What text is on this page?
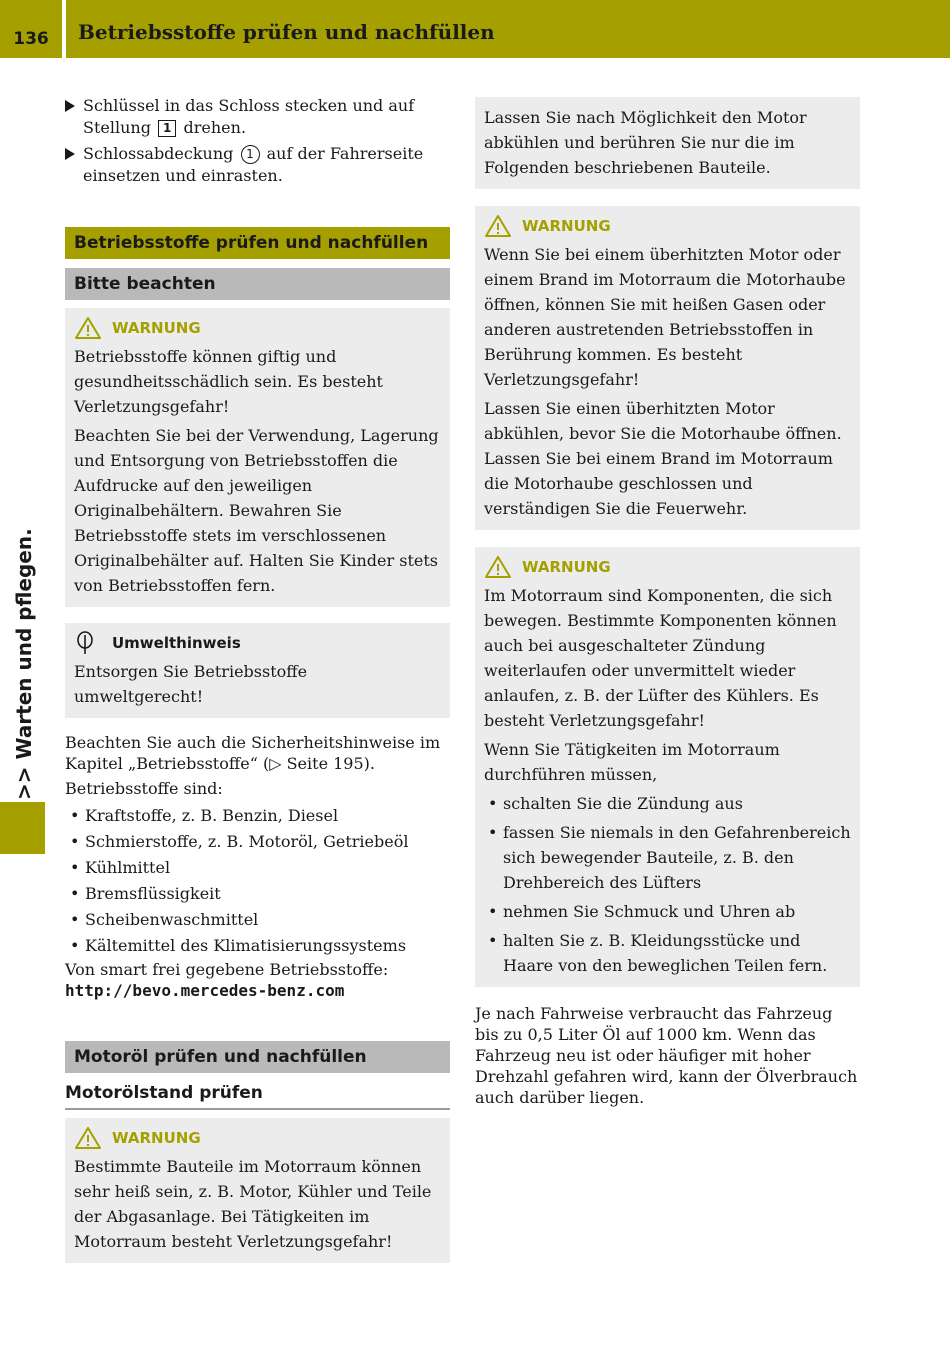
136	Betriebsstoffe prüfen und nachfüllen
>> Warten und pflegen.
Schlüssel in das Schloss stecken und auf Stellung 1 drehen.
Schlossabdeckung 1 auf der Fahrerseite einsetzen und einrasten.
Betriebsstoffe prüfen und nachfüllen
Bitte beachten
WARNUNG

Betriebsstoffe können giftig und gesundheitsschädlich sein. Es besteht Verletzungsgefahr!

Beachten Sie bei der Verwendung, Lagerung und Entsorgung von Betriebsstoffen die Aufdrucke auf den jeweiligen Originalbehältern. Bewahren Sie Betriebsstoffe stets im verschlossenen Originalbehälter auf. Halten Sie Kinder stets von Betriebsstoffen fern.

Umwelthinweis

Entsorgen Sie Betriebsstoffe umweltgerecht!

Beachten Sie auch die Sicherheitshinweise im Kapitel „Betriebsstoffe“ (▷ Seite 195).

Betriebsstoffe sind:

• Kraftstoffe, z. B. Benzin, Diesel
• Schmierstoffe, z. B. Motoröl, Getriebeöl
• Kühlmittel
• Bremsflüssigkeit
• Scheibenwaschmittel
• Kältemittel des Klimatisierungssystems

Von smart frei gegebene Betriebsstoffe:

http://bevo.mercedes-benz.com

Motoröl prüfen und nachfüllen
Motorölstand prüfen
WARNUNG

Bestimmte Bauteile im Motorraum können sehr heiß sein, z. B. Motor, Kühler und Teile der Abgasanlage. Bei Tätigkeiten im Motorraum besteht Verletzungsgefahr!

Lassen Sie nach Möglichkeit den Motor abkühlen und berühren Sie nur die im Folgenden beschriebenen Bauteile.

WARNUNG

Wenn Sie bei einem überhitzten Motor oder einem Brand im Motorraum die Motorhaube öffnen, können Sie mit heißen Gasen oder anderen austretenden Betriebsstoffen in Berührung kommen. Es besteht Verletzungsgefahr!

Lassen Sie einen überhitzten Motor abkühlen, bevor Sie die Motorhaube öffnen. Lassen Sie bei einem Brand im Motorraum die Motorhaube geschlossen und verständigen Sie die Feuerwehr.

WARNUNG

Im Motorraum sind Komponenten, die sich bewegen. Bestimmte Komponenten können auch bei ausgeschalteter Zündung weiterlaufen oder unvermittelt wieder anlaufen, z. B. der Lüfter des Kühlers. Es besteht Verletzungsgefahr!

Wenn Sie Tätigkeiten im Motorraum durchführen müssen,

• schalten Sie die Zündung aus
• fassen Sie niemals in den Gefahrenbereich sich bewegender Bauteile, z. B. den Drehbereich des Lüfters
• nehmen Sie Schmuck und Uhren ab
• halten Sie z. B. Kleidungsstücke und Haare von den beweglichen Teilen fern.

Je nach Fahrweise verbraucht das Fahrzeug bis zu 0,5 Liter Öl auf 1000 km. Wenn das Fahrzeug neu ist oder häufiger mit hoher Drehzahl gefahren wird, kann der Ölverbrauch auch darüber liegen.
